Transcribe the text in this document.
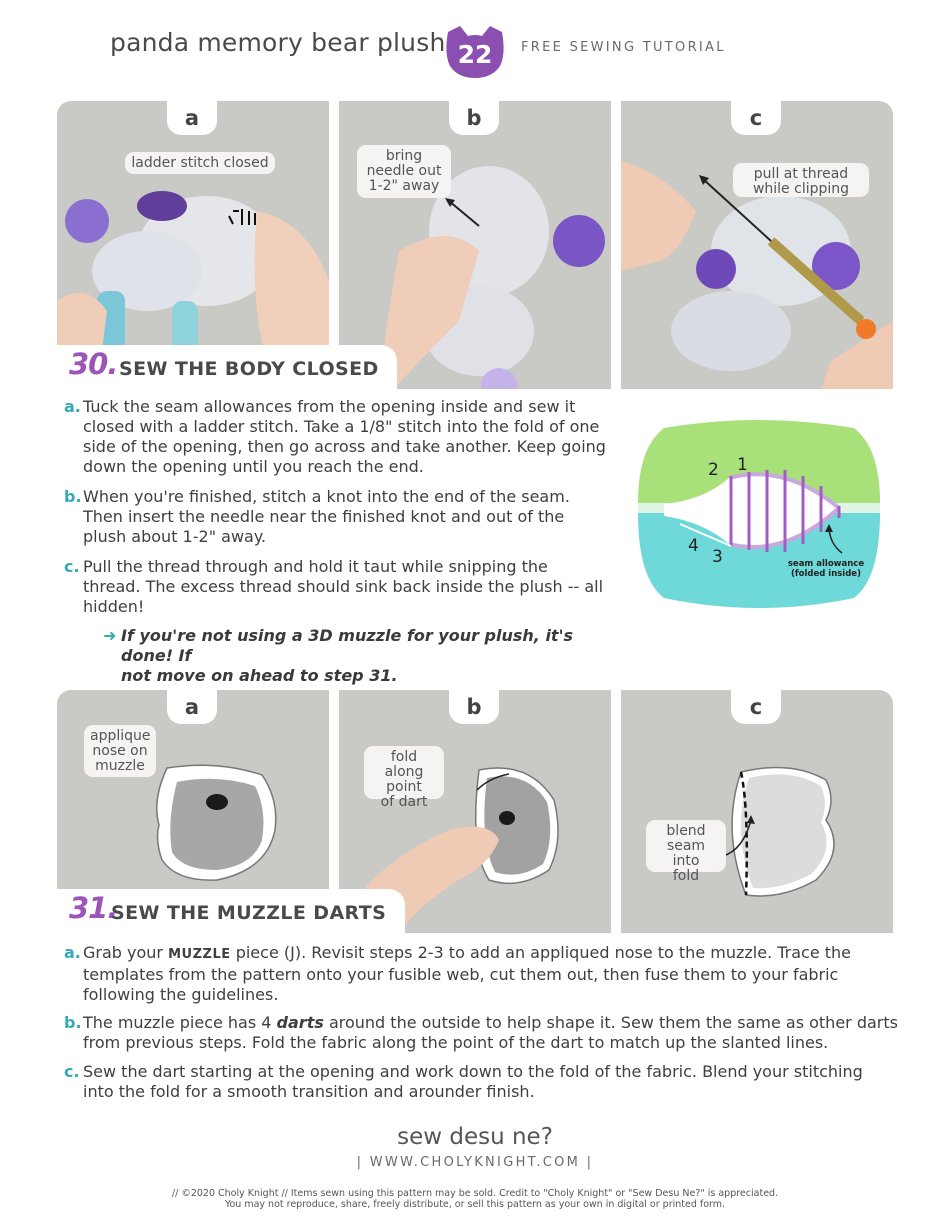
panda memory bear plush 22	FREE SEWING TUTORIAL
a
ladder stitch closed
b
bring
needle out
1-2" away
c
pull at thread
while clipping
30. SEW THE BODY CLOSED
a. Tuck the seam allowances from the opening inside and sew it
closed with a ladder stitch. Take a 1/8" stitch into the fold of one
side of the opening, then go across and take another. Keep going
down the opening until you reach the end.
b. When you're finished, stitch a knot into the end of the seam.
Then insert the needle near the finished knot and out of the
plush about 1-2" away.
c. Pull the thread through and hold it taut while snipping the
thread. The excess thread should sink back inside the plush -- all
hidden!
➜ If you're not using a 3D muzzle for your plush, it's done! If
not move on ahead to step 31.
2 1
4
3	seam allowance
(folded inside)
a
applique
nose on
muzzle
b
fold
along point
of dart
c
blend
seam into
fold
31.
SEW THE MUZZLE DARTS
a. Grab your MUZZLE piece (J). Revisit steps 2-3 to add an appliqued nose to the muzzle. Trace the
templates from the pattern onto your fusible web, cut them out, then fuse them to your fabric
following the guidelines.
b. The muzzle piece has 4 darts around the outside to help shape it. Sew them the same as other darts
from previous steps. Fold the fabric along the point of the dart to match up the slanted lines.
c. Sew the dart starting at the opening and work down to the fold of the fabric. Blend your stitching
into the fold for a smooth transition and arounder finish.
sew desu ne?
| WWW.CHOLYKNIGHT.COM |
// ©2020 Choly Knight // Items sewn using this pattern may be sold. Credit to "Choly Knight" or "Sew Desu Ne?" is appreciated.
You may not reproduce, share, freely distribute, or sell this pattern as your own in digital or printed form.
